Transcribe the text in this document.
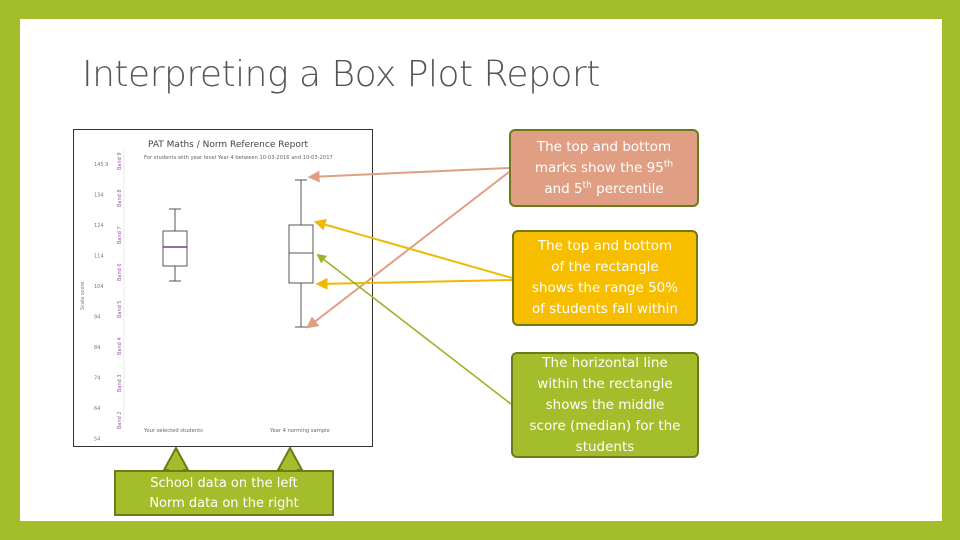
Interpreting a Box Plot Report
PAT Maths / Norm Reference Report
For students with year level Year 4 between 10-03-2016 and 10-03-2017
Scale score
145.9
134
124
114
104
94
84
74
64
54
Band 9
Band 8
Band 7
Band 6
Band 5
Band 4
Band 3
Band 2
Your selected students	Year 4 norming sample
The top and bottom
marks show the 95th
and 5th percentile
The top and bottom
of the rectangle
shows the range 50%
of students fall within
The horizontal line
within the rectangle
shows the middle
score (median) for the
students
School data on the left
Norm data on the right
